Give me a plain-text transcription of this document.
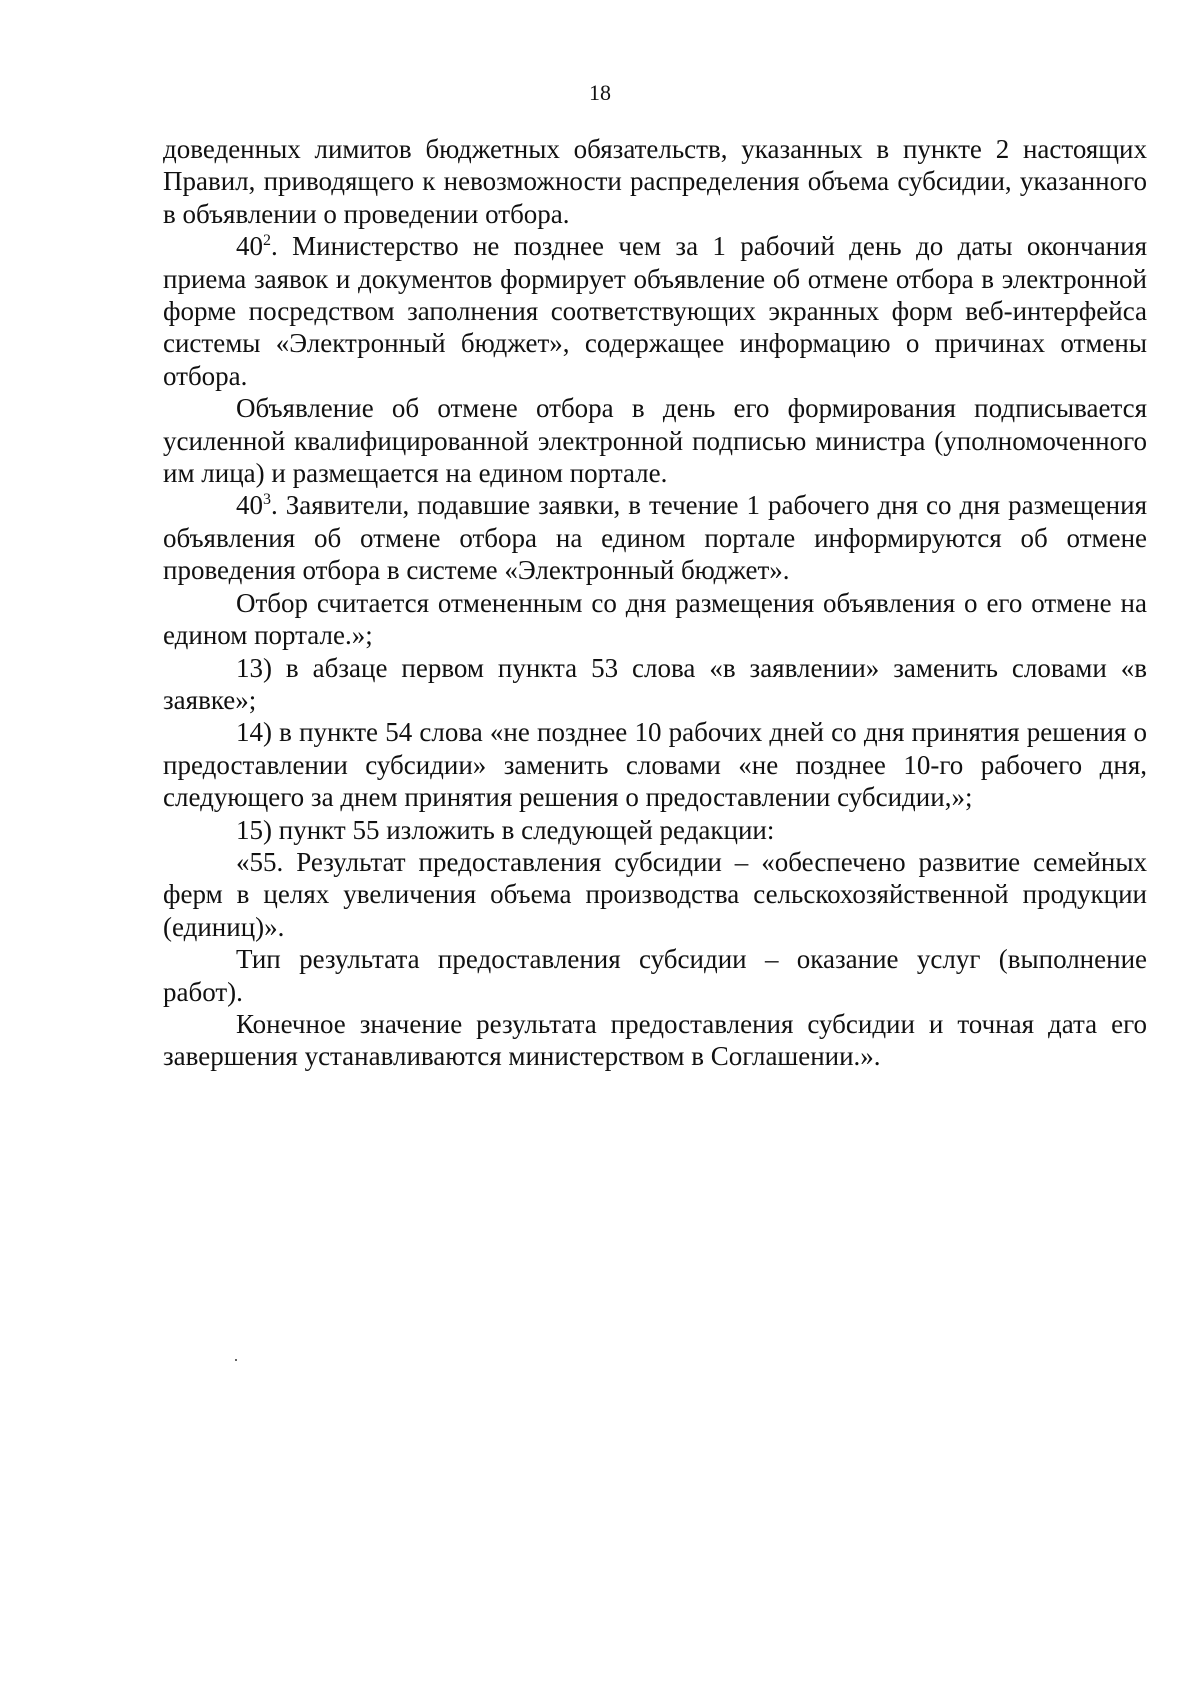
18

доведенных лимитов бюджетных обязательств, указанных в пункте 2 настоящих Правил, приводящего к невозможности распределения объема субсидии, указанного в объявлении о проведении отбора.

$40^2$. Министерство не позднее чем за 1 рабочий день до даты окончания приема заявок и документов формирует объявление об отмене отбора в электронной форме посредством заполнения соответствующих экранных форм веб-интерфейса системы «Электронный бюджет», содержащее информацию о причинах отмены отбора.

Объявление об отмене отбора в день его формирования подписывается усиленной квалифицированной электронной подписью министра (уполномоченного им лица) и размещается на едином портале.

$40^3$. Заявители, подавшие заявки, в течение 1 рабочего дня со дня размещения объявления об отмене отбора на едином портале информируются об отмене проведения отбора в системе «Электронный бюджет».

Отбор считается отмененным со дня размещения объявления о его отмене на едином портале.»;

13) в абзаце первом пункта 53 слова «в заявлении» заменить словами «в заявке»;

14) в пункте 54 слова «не позднее 10 рабочих дней со дня принятия решения о предоставлении субсидии» заменить словами «не позднее 10-го рабочего дня, следующего за днем принятия решения о предоставлении субсидии,»;

15) пункт 55 изложить в следующей редакции:

«55. Результат предоставления субсидии – «обеспечено развитие семейных ферм в целях увеличения объема производства сельскохозяйственной продукции (единиц)».

Тип результата предоставления субсидии – оказание услуг (выполнение работ).

Конечное значение результата предоставления субсидии и точная дата его завершения устанавливаются министерством в Соглашении.».
